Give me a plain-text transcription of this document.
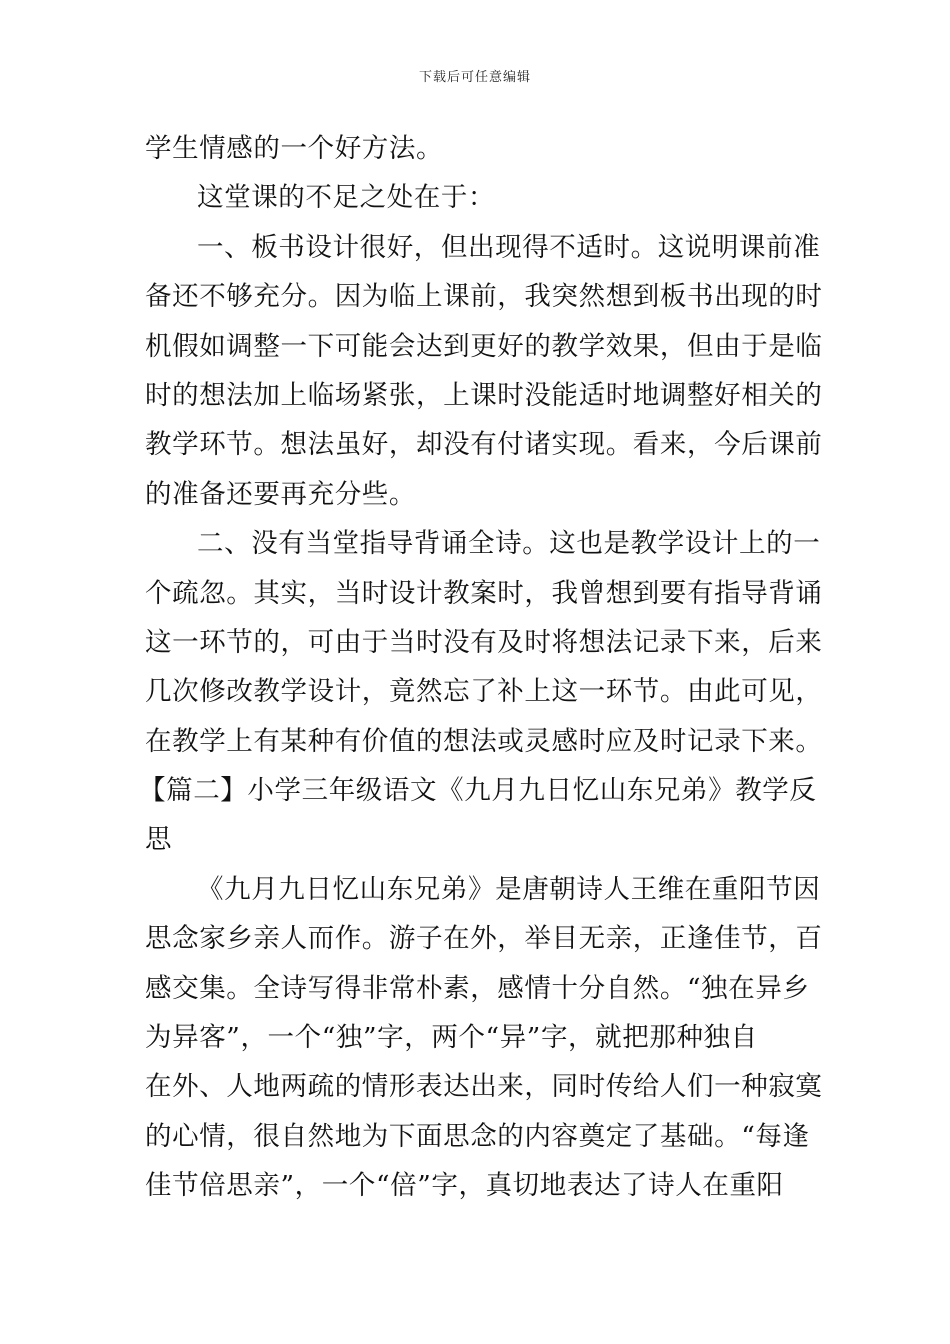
下载后可任意编辑
学生情感的一个好方法。
这堂课的不足之处在于：
一、板书设计很好，但出现得不适时。这说明课前准
备还不够充分。因为临上课前，我突然想到板书出现的时
机假如调整一下可能会达到更好的教学效果，但由于是临
时的想法加上临场紧张，上课时没能适时地调整好相关的
教学环节。想法虽好，却没有付诸实现。看来，今后课前
的准备还要再充分些。
二、没有当堂指导背诵全诗。这也是教学设计上的一
个疏忽。其实，当时设计教案时，我曾想到要有指导背诵
这一环节的，可由于当时没有及时将想法记录下来，后来
几次修改教学设计，竟然忘了补上这一环节。由此可见，
在教学上有某种有价值的想法或灵感时应及时记录下来。
【篇二】小学三年级语文《九月九日忆山东兄弟》教学反
思
《九月九日忆山东兄弟》是唐朝诗人王维在重阳节因
思念家乡亲人而作。游子在外，举目无亲，正逢佳节，百
感交集。全诗写得非常朴素，感情十分自然。“独在异乡
为异客”，一个“独”字，两个“异”字，就把那种独自
在外、人地两疏的情形表达出来，同时传给人们一种寂寞
的心情，很自然地为下面思念的内容奠定了基础。“每逢
佳节倍思亲”，一个“倍”字，真切地表达了诗人在重阳
